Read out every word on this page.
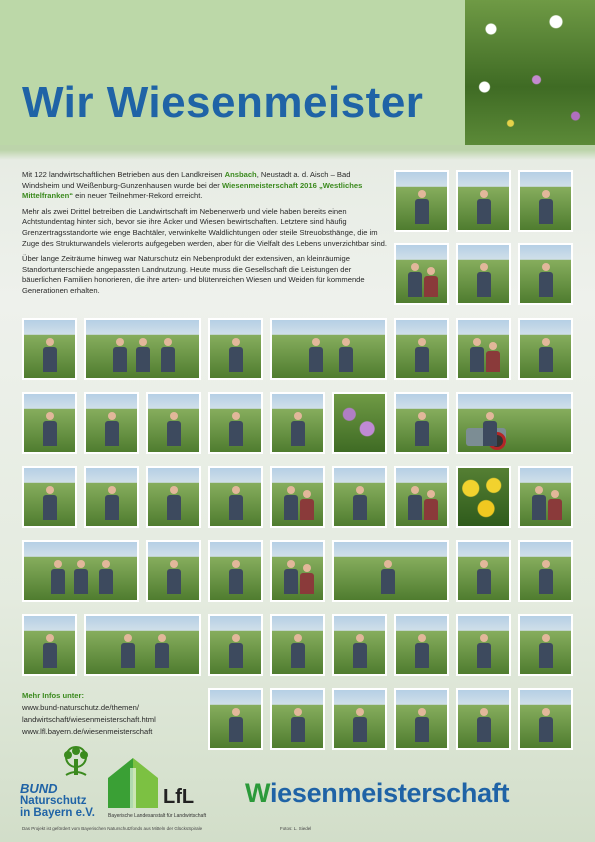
Wir Wiesenmeister

Mit 122 landwirtschaftlichen Betrieben aus den Landkreisen Ansbach, Neustadt a. d. Aisch – Bad Windsheim und Weißenburg-Gunzenhausen wurde bei der Wiesenmeisterschaft 2016 „Westliches Mittelfranken“ ein neuer Teilnehmer-Rekord erreicht.

Mehr als zwei Drittel betreiben die Landwirtschaft im Nebenerwerb und viele haben bereits einen Achtstundentag hinter sich, bevor sie ihre Äcker und Wiesen bewirtschaften. Letztere sind häufig Grenzertragsstandorte wie enge Bachtäler, verwinkelte Waldlichtungen oder steile Streuobsthänge, die im Zuge des Strukturwandels vielerorts aufgegeben werden, aber für die Vielfalt des Lebens unverzichtbar sind.

Über lange Zeiträume hinweg war Naturschutz ein Nebenprodukt der extensiven, an kleinräumige Standortunterschiede angepassten Landnutzung. Heute muss die Gesellschaft die Leistungen der bäuerlichen Familien honorieren, die ihre arten- und blütenreichen Wiesen und Weiden für kommende Generationen erhalten.

Mehr Infos unter:
www.bund-naturschutz.de/themen/
landwirtschaft/wiesenmeisterschaft.html
www.lfl.bayern.de/wiesenmeisterschaft
BUND
Naturschutz
in Bayern e.V.
LfL
Bayerische Landesanstalt für Landwirtschaft
Wiesenmeisterschaft
Das Projekt ist gefördert vom Bayerischen Naturschutzfonds aus Mitteln der GlücksSpirale	Fotos: L. Siedel
